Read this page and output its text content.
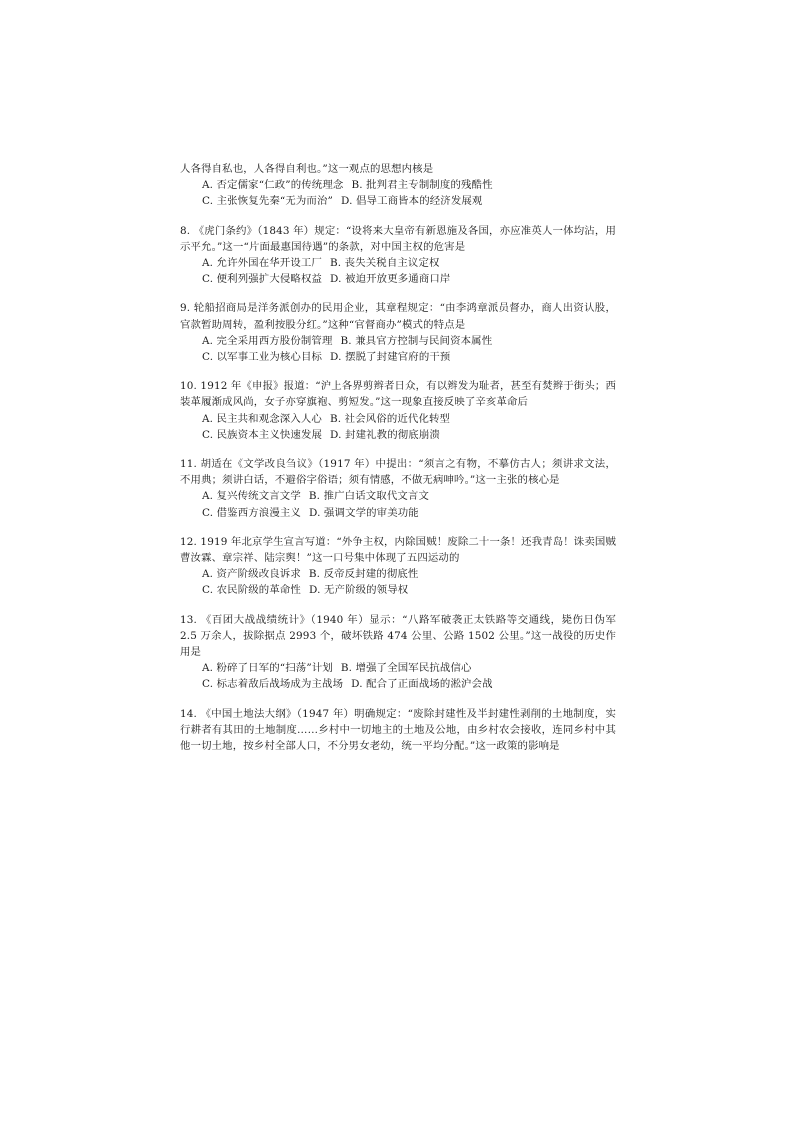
人各得自私也，人各得自利也。”这一观点的思想内核是

A. 否定儒家“仁政”的传统理念 B. 批判君主专制制度的残酷性

C. 主张恢复先秦“无为而治” D. 倡导工商皆本的经济发展观

8. 《虎门条约》（1843 年）规定：“设将来大皇帝有新恩施及各国，亦应准英人一体均沾，用示平允。”这一“片面最惠国待遇”的条款，对中国主权的危害是

A. 允许外国在华开设工厂 B. 丧失关税自主议定权

C. 便利列强扩大侵略权益 D. 被迫开放更多通商口岸

9. 轮船招商局是洋务派创办的民用企业，其章程规定：“由李鸿章派员督办，商人出资认股，官款暂助周转，盈利按股分红。”这种“官督商办”模式的特点是

A. 完全采用西方股份制管理 B. 兼具官方控制与民间资本属性

C. 以军事工业为核心目标 D. 摆脱了封建官府的干预

10. 1912 年《申报》报道：“沪上各界剪辫者日众，有以辫发为耻者，甚至有焚辫于街头；西装革履渐成风尚，女子亦穿旗袍、剪短发。”这一现象直接反映了辛亥革命后

A. 民主共和观念深入人心 B. 社会风俗的近代化转型

C. 民族资本主义快速发展 D. 封建礼教的彻底崩溃

11. 胡适在《文学改良刍议》（1917 年）中提出：“须言之有物，不摹仿古人；须讲求文法，不用典；须讲白话，不避俗字俗语；须有情感，不做无病呻吟。”这一主张的核心是

A. 复兴传统文言文学 B. 推广白话文取代文言文

C. 借鉴西方浪漫主义 D. 强调文学的审美功能

12. 1919 年北京学生宣言写道：“外争主权，内除国贼！废除二十一条！还我青岛！诛卖国贼曹汝霖、章宗祥、陆宗舆！”这一口号集中体现了五四运动的

A. 资产阶级改良诉求 B. 反帝反封建的彻底性

C. 农民阶级的革命性 D. 无产阶级的领导权

13. 《百团大战战绩统计》（1940 年）显示：“八路军破袭正太铁路等交通线，毙伤日伪军 2.5 万余人，拔除据点 2993 个，破坏铁路 474 公里、公路 1502 公里。”这一战役的历史作用是

A. 粉碎了日军的“扫荡”计划 B. 增强了全国军民抗战信心

C. 标志着敌后战场成为主战场 D. 配合了正面战场的淞沪会战

14. 《中国土地法大纲》（1947 年）明确规定：“废除封建性及半封建性剥削的土地制度，实行耕者有其田的土地制度……乡村中一切地主的土地及公地，由乡村农会接收，连同乡村中其他一切土地，按乡村全部人口，不分男女老幼，统一平均分配。”这一政策的影响是
